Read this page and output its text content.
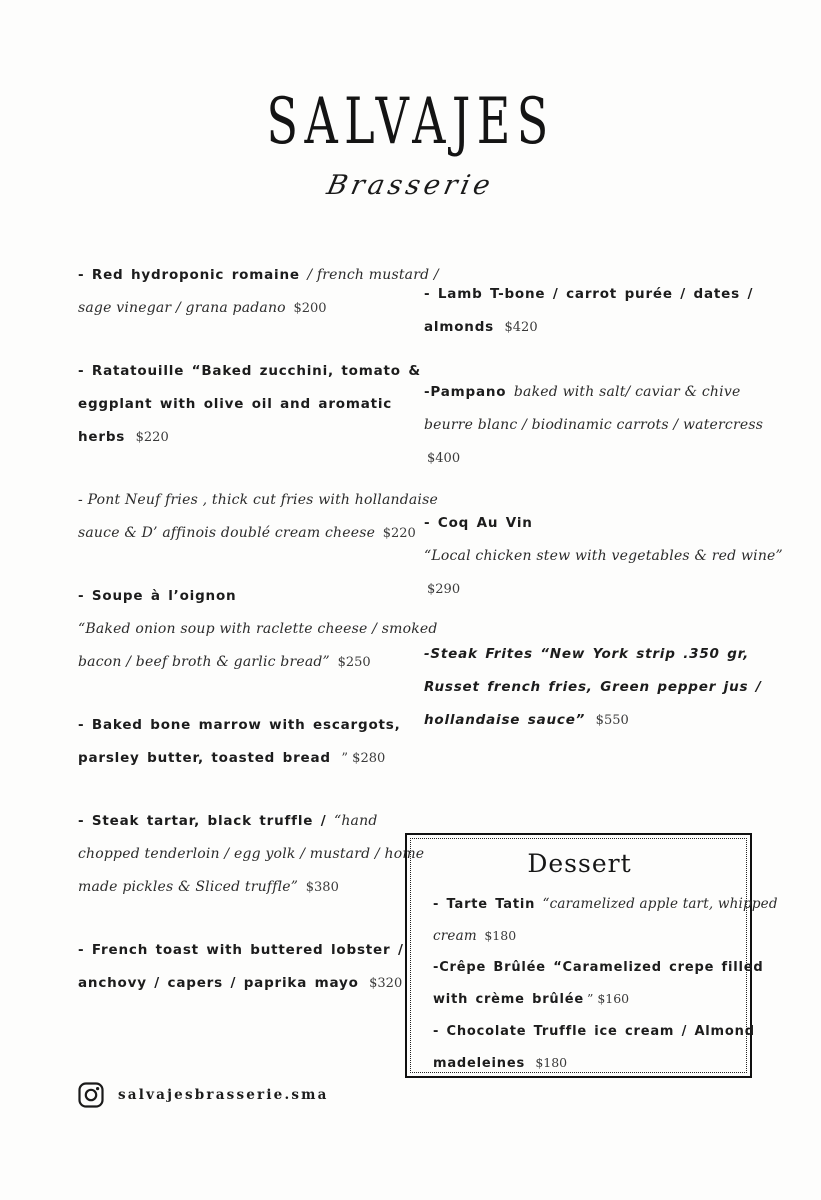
SALVAJES
Brasserie

- Red hydroponic romaine / french mustard /
sage vinegar / grana padano $200

- Ratatouille “Baked zucchini, tomato &
eggplant with olive oil and aromatic
herbs $220

- Pont Neuf fries , thick cut fries with hollandaise
sauce & D’ affinois doublé cream cheese $220

- Soupe à l’oignon
“Baked onion soup with raclette cheese / smoked
bacon / beef broth & garlic bread” $250

- Baked bone marrow with escargots,
parsley butter, toasted bread ” $280

- Steak tartar, black truffle / “hand
chopped tenderloin / egg yolk / mustard / home
made pickles & Sliced truffle” $380

- French toast with buttered lobster /
anchovy / capers / paprika mayo $320

- Lamb T-bone / carrot purée / dates /
almonds $420

-Pampano baked with salt/ caviar & chive
beurre blanc / biodinamic carrots / watercress
$400

- Coq Au Vin
“Local chicken stew with vegetables & red wine”
$290

-Steak Frites “New York strip .350 gr,
Russet french fries, Green pepper jus /
hollandaise sauce” $550

Dessert

- Tarte Tatin “caramelized apple tart, whipped
cream $180

-Crêpe Brûlée “Caramelized crepe filled
with crème brûlée ” $160

- Chocolate Truffle ice cream / Almond
madeleines $180

salvajesbrasserie.sma
